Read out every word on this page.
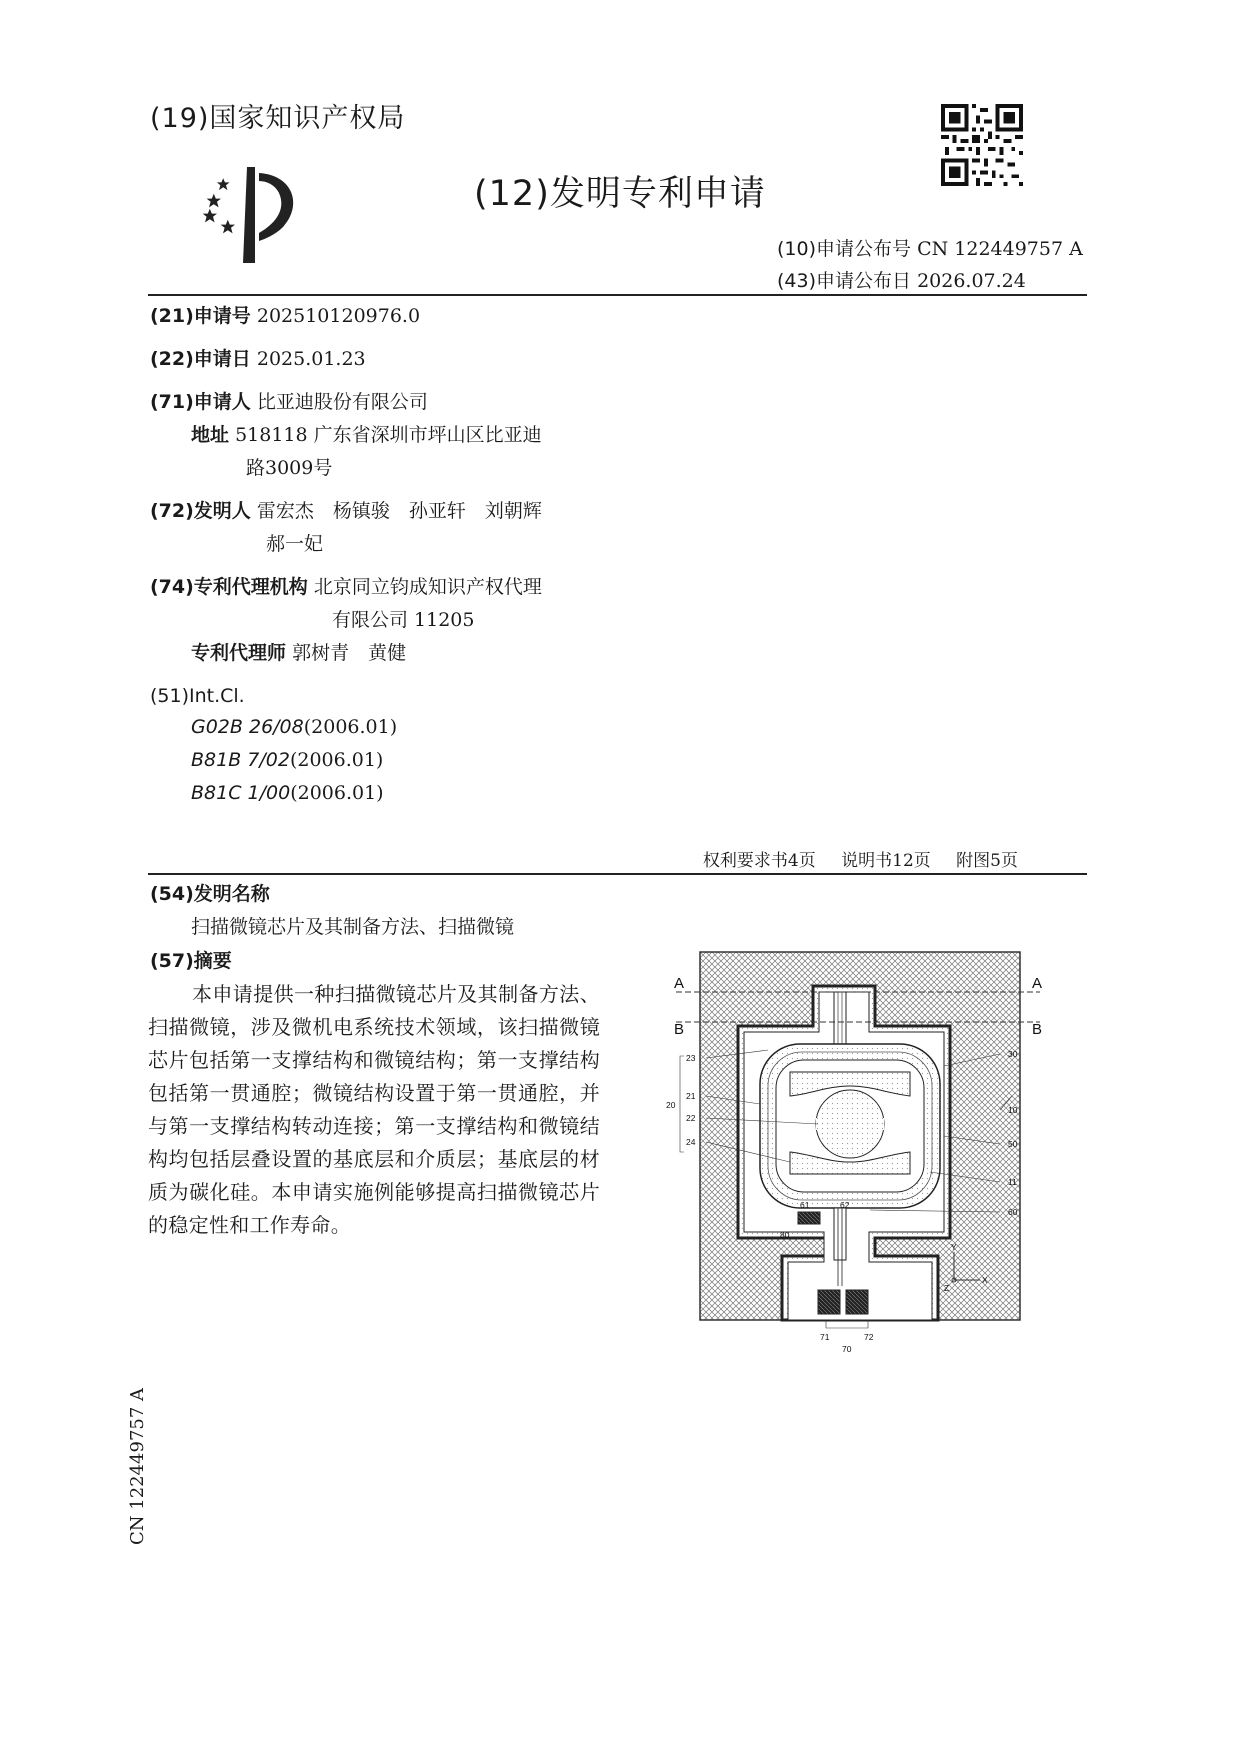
(19)国家知识产权局
(12)发明专利申请
(10)申请公布号 CN 122449757 A
(43)申请公布日 2026.07.24
(21)申请号 202510120976.0
(22)申请日 2025.01.23
(71)申请人 比亚迪股份有限公司
地址 518118 广东省深圳市坪山区比亚迪
路3009号
(72)发明人 雷宏杰　杨镇骏　孙亚轩　刘朝辉
郝一妃
(74)专利代理机构 北京同立钧成知识产权代理
有限公司 11205
专利代理师 郭树青　黄健
(51)Int.Cl.
G02B 26/08(2006.01)
B81B 7/02(2006.01)
B81C 1/00(2006.01)
权利要求书4页 说明书12页 附图5页
(54)发明名称
扫描微镜芯片及其制备方法、扫描微镜
(57)摘要
本申请提供一种扫描微镜芯片及其制备方法、扫描微镜，涉及微机电系统技术领域，该扫描微镜芯片包括第一支撑结构和微镜结构；第一支撑结构包括第一贯通腔；微镜结构设置于第一贯通腔，并与第一支撑结构转动连接；第一支撑结构和微镜结构均包括层叠设置的基底层和介质层；基底层的材质为碳化硅。本申请实施例能够提高扫描微镜芯片的稳定性和工作寿命。
A	A
B	B
23
20
21
22
24
30
10
50
11
60
61	62
80
71	72
70
Y
X
Z
CN 122449757 A
